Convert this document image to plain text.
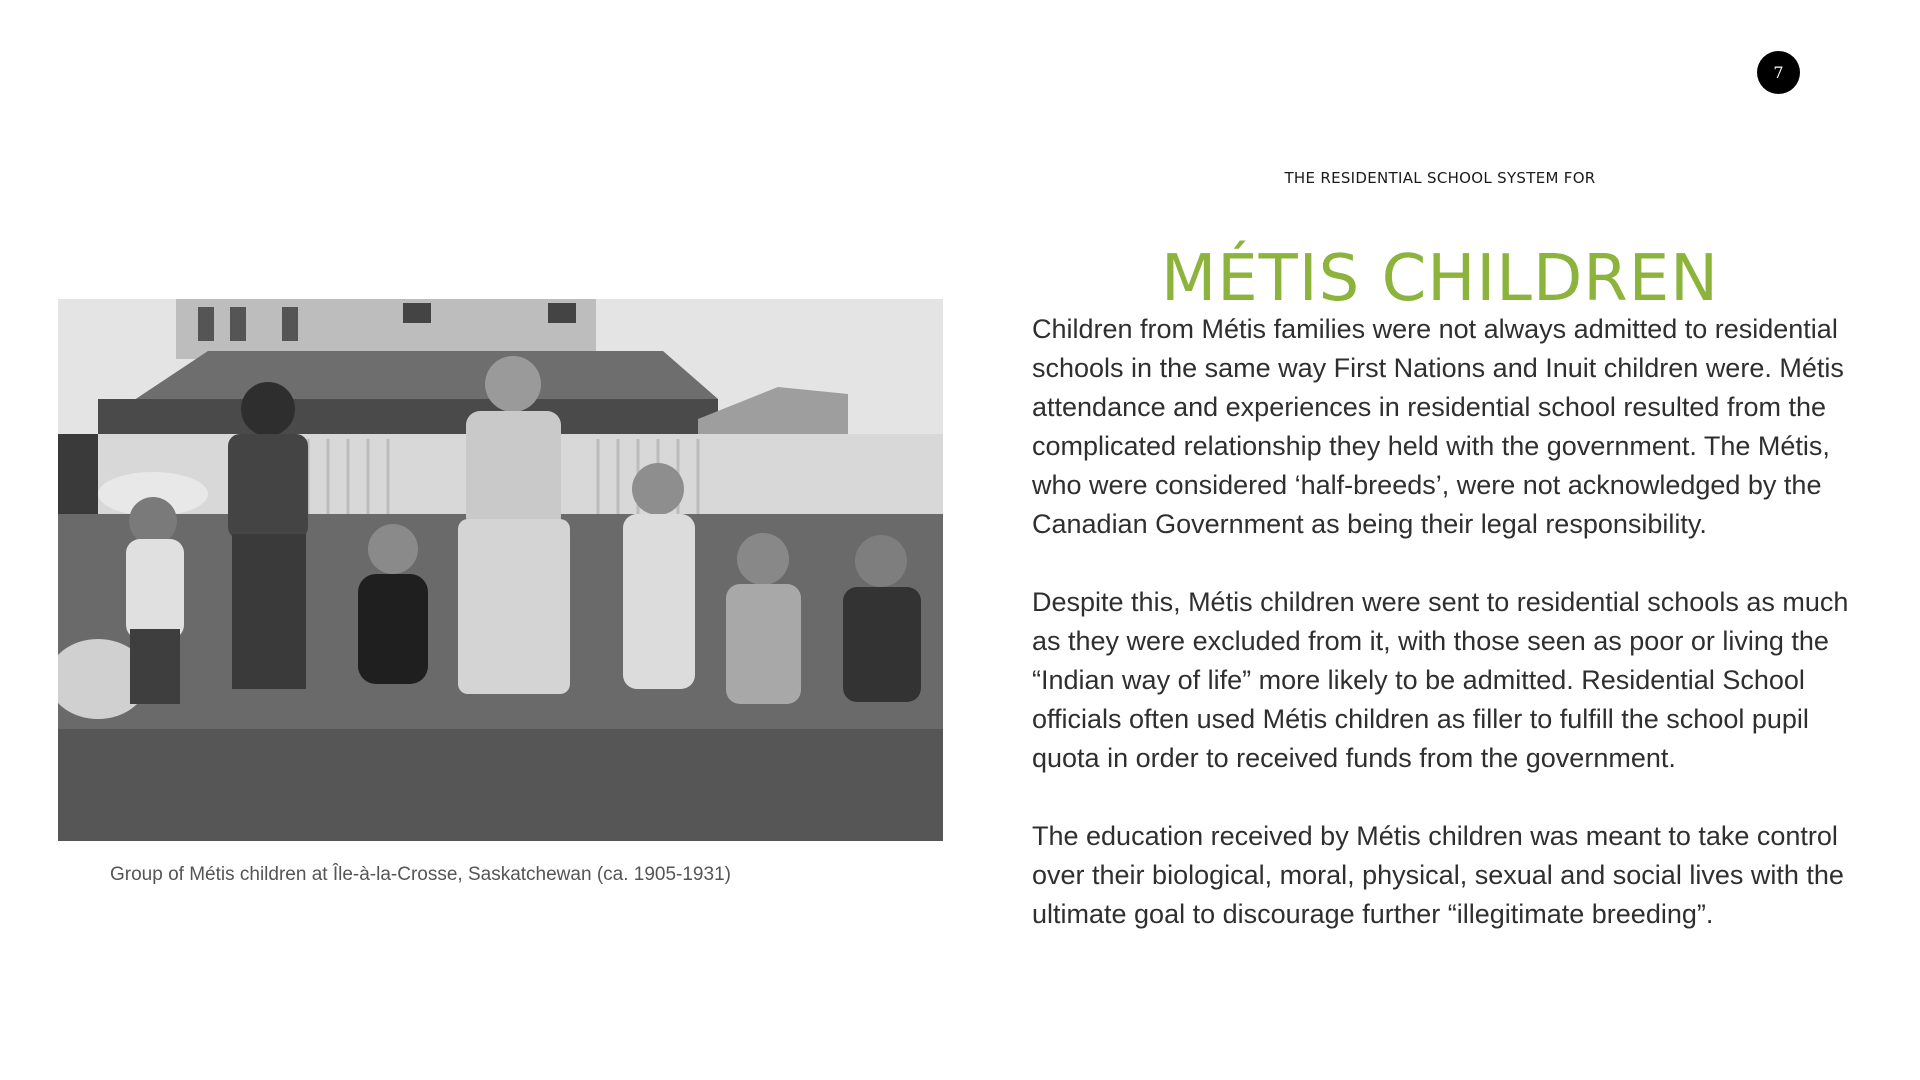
7
THE RESIDENTIAL SCHOOL SYSTEM FOR
MÉTIS CHILDREN
Group of Métis children at Île-à-la-Crosse, Saskatchewan (ca. 1905-1931)

Children from Métis families were not always admitted to residential schools in the same way First Nations and Inuit children were. Métis attendance and experiences in residential school resulted from the complicated relationship they held with the government. The Métis, who were considered ‘half-breeds’, were not acknowledged by the Canadian Government as being their legal responsibility.

Despite this, Métis children were sent to residential schools as much as they were excluded from it, with those seen as poor or living the “Indian way of life” more likely to be admitted. Residential School officials often used Métis children as filler to fulfill the school pupil quota in order to received funds from the government.

The education received by Métis children was meant to take control over their biological, moral, physical, sexual and social lives with the ultimate goal to discourage further “illegitimate breeding”.
